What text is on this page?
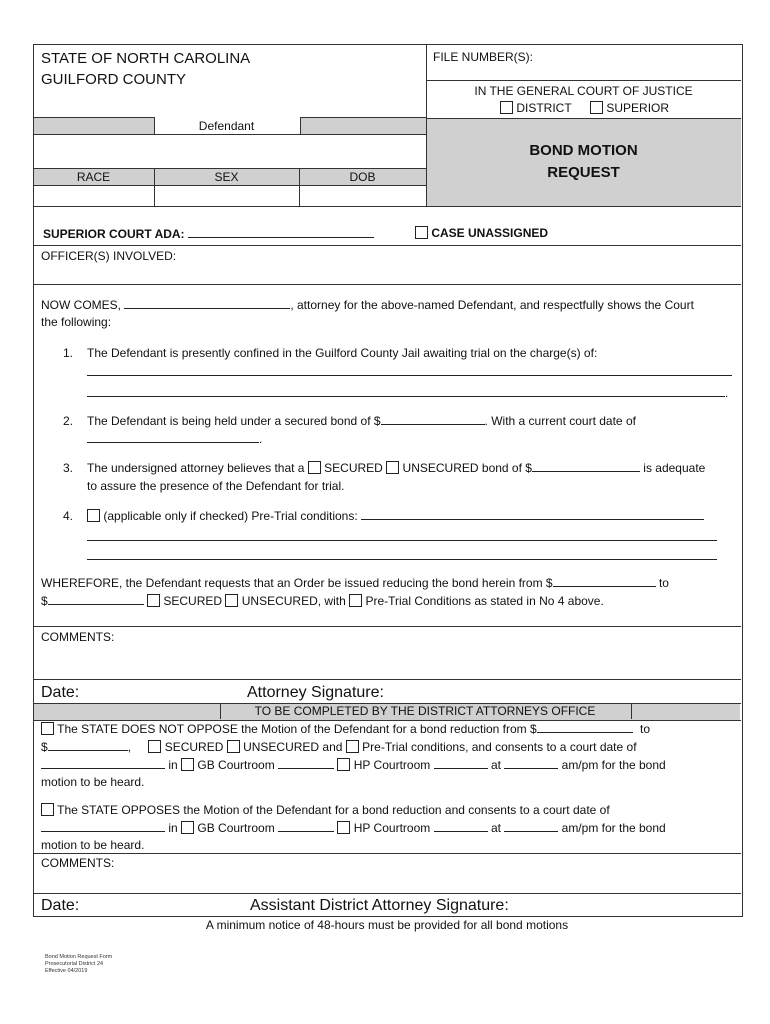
STATE OF NORTH CAROLINA
GUILFORD COUNTY
FILE NUMBER(S):
IN THE GENERAL COURT OF JUSTICE
DISTRICT	SUPERIOR
BOND MOTION
REQUEST
Defendant
RACE	SEX	DOB
SUPERIOR COURT ADA:	CASE UNASSIGNED
OFFICER(S) INVOLVED:
NOW COMES,	, attorney for the above-named Defendant, and respectfully shows the Court
the following:
1. The Defendant is presently confined in the Guilford County Jail awaiting trial on the charge(s) of:
.
2. The Defendant is being held under a secured bond of $	. With a current court date of
.
3. The undersigned attorney believes that a SECURED UNSECURED bond of $	is adequate
to assure the presence of the Defendant for trial.
4.	(applicable only if checked) Pre-Trial conditions:
WHEREFORE, the Defendant requests that an Order be issued reducing the bond herein from $	to
$	SECURED UNSECURED, with Pre-Trial Conditions as stated in No 4 above.
COMMENTS:
Date:	Attorney Signature:
TO BE COMPLETED BY THE DISTRICT ATTORNEYS OFFICE
The STATE DOES NOT OPPOSE the Motion of the Defendant for a bond reduction from $	to
$	,	SECURED UNSECURED and Pre-Trial conditions, and consents to a court date of
in GB Courtroom	HP Courtroom	at	am/pm for the bond
motion to be heard.
The STATE OPPOSES the Motion of the Defendant for a bond reduction and consents to a court date of
in GB Courtroom	HP Courtroom	at	am/pm for the bond
motion to be heard.
COMMENTS:
Date:	Assistant District Attorney Signature:
A minimum notice of 48-hours must be provided for all bond motions
Bond Motion Request Form
Prosecutorial District 24
Effective 04/2019
